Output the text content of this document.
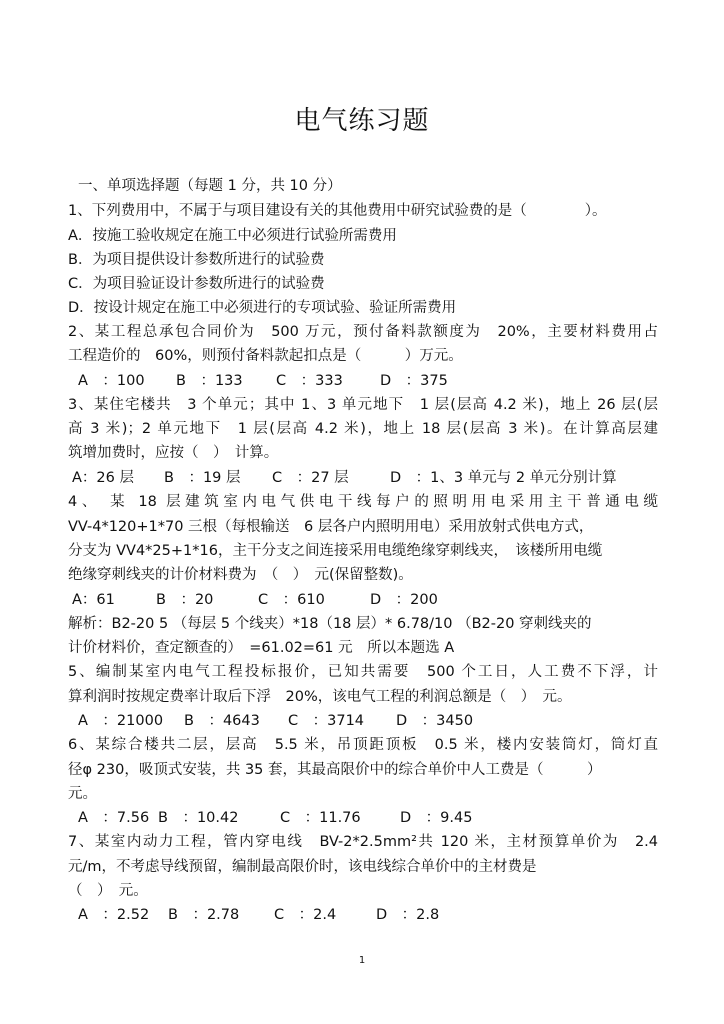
电气练习题
一、单项选择题（每题 1 分，共 10 分）
1、下列费用中，不属于与项目建设有关的其他费用中研究试验费的是（　　　　）。
A．按施工验收规定在施工中必须进行试验所需费用
B．为项目提供设计参数所进行的试验费
C．为项目验证设计参数所进行的试验费
D．按设计规定在施工中必须进行的专项试验、验证所需费用
2、某工程总承包合同价为　500 万元，预付备料款额度为　20%，主要材料费用占
工程造价的　60%，则预付备料款起扣点是（　　　）万元。
A　：100	B　：133	C　：333	D　：375
3、某住宅楼共　3 个单元；其中 1、3 单元地下　1 层(层高 4.2 米)，地上 26 层(层
高 3 米)；2 单元地下　1 层(层高 4.2 米)，地上 18 层(层高 3 米)。在计算高层建
筑增加费时，应按（　）　计算。
A：26 层	B　：19 层	C　：27 层	D　：1、3 单元与 2 单元分别计算
4、 某 18 层建筑室内电气供电干线每户的照明用电采用主干普通电缆
VV-4*120+1*70 三根（每根输送　6 层各户内照明用电）采用放射式供电方式，
分支为 VV4*25+1*16，主干分支之间连接采用电缆绝缘穿刺线夹，　该楼所用电缆
绝缘穿刺线夹的计价材料费为　（　）　元(保留整数)。
A：61	B　：20	C　：610	D　：200
解析：B2-20 5 （每层 5 个线夹）*18（18 层）* 6.78/10 （B2-20 穿刺线夹的
计价材料价，查定额查的）　=61.02=61 元　所以本题选 A
5、编制某室内电气工程投标报价，已知共需要　500 个工日，人工费不下浮，计
算利润时按规定费率计取后下浮　20%，该电气工程的利润总额是（　）　元。
A　：21000	B　：4643	C　：3714	D　：3450
6、某综合楼共二层，层高　5.5 米，吊顶距顶板　0.5 米，楼内安装筒灯，筒灯直
径φ 230，吸顶式安装，共 35 套，其最高限价中的综合单价中人工费是（　　　）
元。
A　：7.56 B　：10.42	C　：11.76	D　：9.45
7、某室内动力工程，管内穿电线　BV-2*2.5mm²共 120 米，主材预算单价为　2.4
元/m，不考虑导线预留，编制最高限价时，该电线综合单价中的主材费是
（　）　元。
A　：2.52	B　：2.78	C　：2.4	D　：2.8
1
